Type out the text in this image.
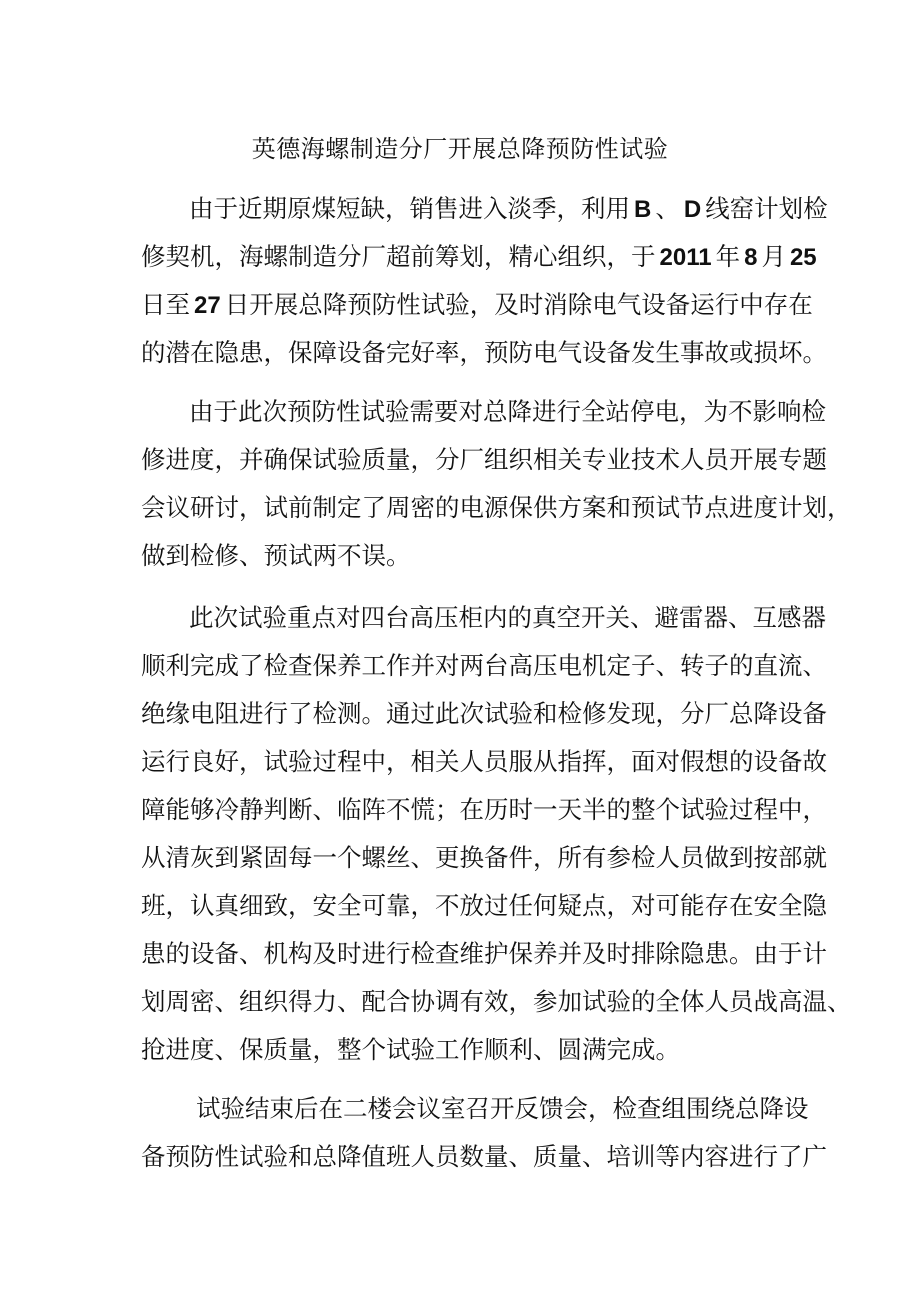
英德海螺制造分厂开展总降预防性试验
由于近期原煤短缺，销售进入淡季，利用 B 、 D 线窑计划检
修契机，海螺制造分厂超前筹划，精心组织，于 2011 年 8 月 25
日至 27 日开展总降预防性试验，及时消除电气设备运行中存在
的潜在隐患，保障设备完好率，预防电气设备发生事故或损坏。
由于此次预防性试验需要对总降进行全站停电，为不影响检
修进度，并确保试验质量，分厂组织相关专业技术人员开展专题
会议研讨，试前制定了周密的电源保供方案和预试节点进度计划，
做到检修、预试两不误。
此次试验重点对四台高压柜内的真空开关、避雷器、互感器
顺利完成了检查保养工作并对两台高压电机定子、转子的直流、
绝缘电阻进行了检测。通过此次试验和检修发现，分厂总降设备
运行良好，试验过程中，相关人员服从指挥，面对假想的设备故
障能够冷静判断、临阵不慌；在历时一天半的整个试验过程中，
从清灰到紧固每一个螺丝、更换备件，所有参检人员做到按部就
班，认真细致，安全可靠，不放过任何疑点，对可能存在安全隐
患的设备、机构及时进行检查维护保养并及时排除隐患。由于计
划周密、组织得力、配合协调有效，参加试验的全体人员战高温、
抢进度、保质量，整个试验工作顺利、圆满完成。
试验结束后在二楼会议室召开反馈会，检查组围绕总降设
备预防性试验和总降值班人员数量、质量、培训等内容进行了广
